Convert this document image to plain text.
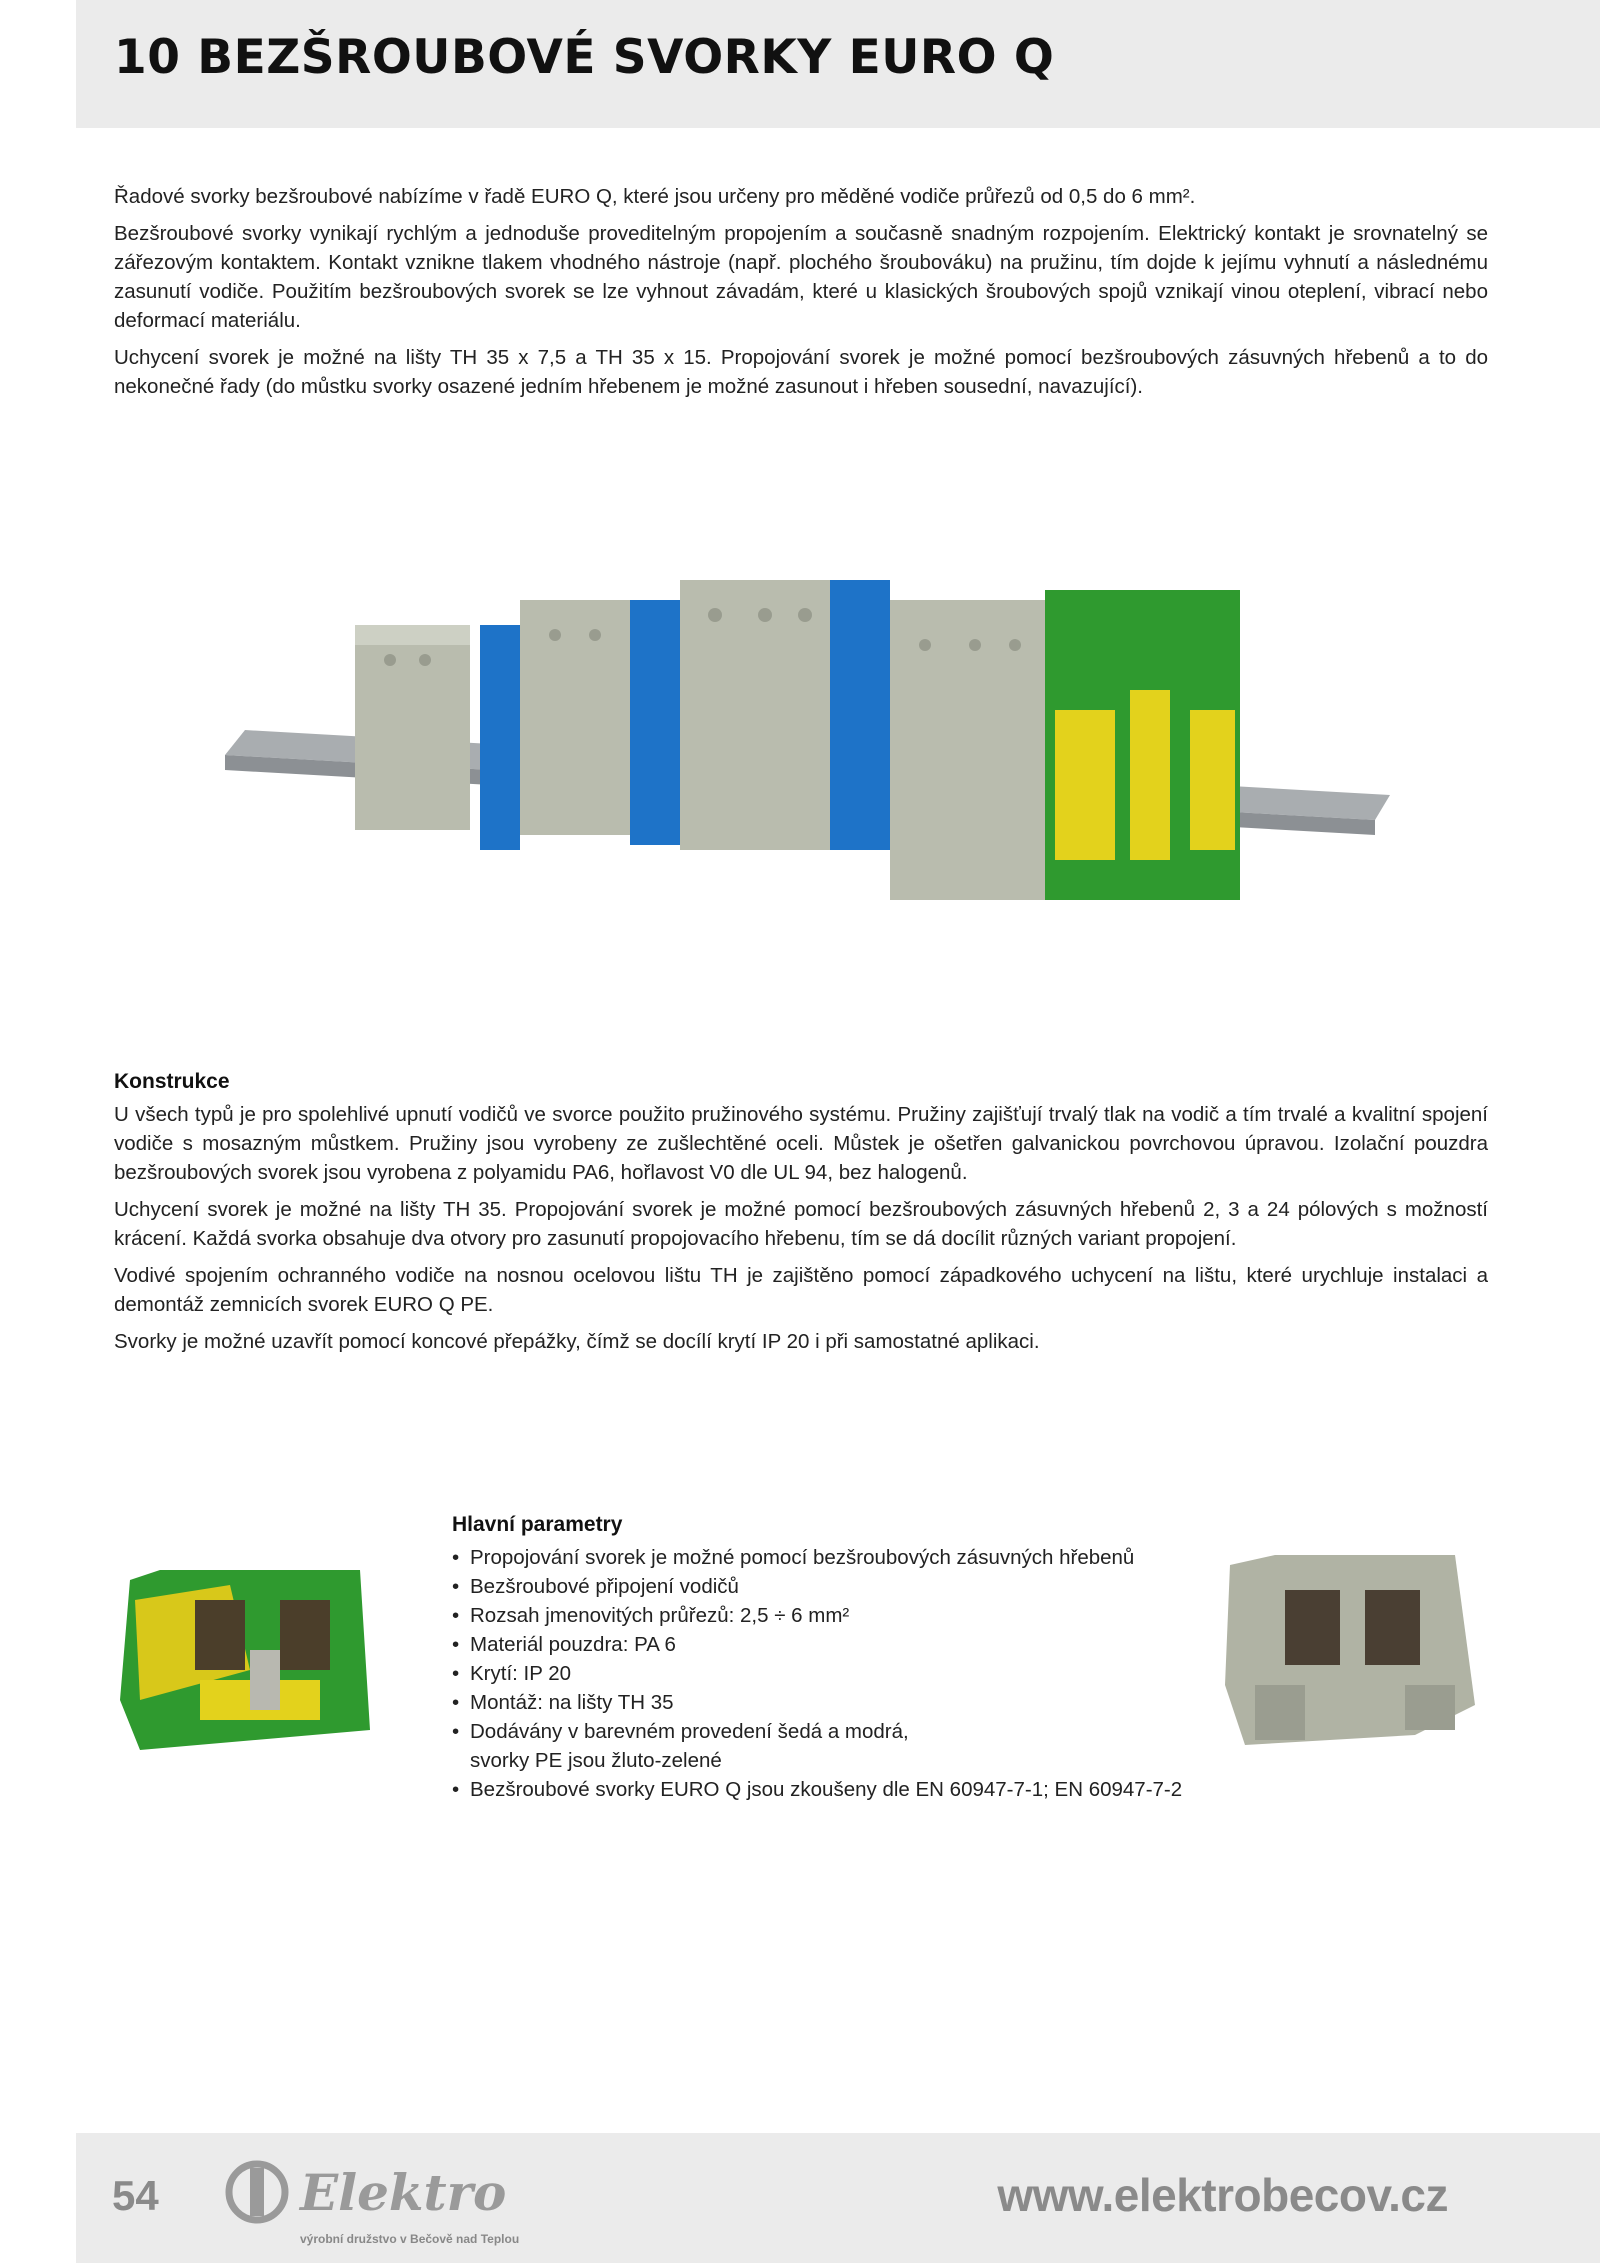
10 BEZŠROUBOVÉ SVORKY EURO Q

Řadové svorky bezšroubové nabízíme v řadě EURO Q, které jsou určeny pro měděné vodiče průřezů od 0,5 do 6 mm².

Bezšroubové svorky vynikají rychlým a jednoduše proveditelným propojením a současně snadným rozpojením. Elektrický kontakt je srovnatelný se zářezovým kontaktem. Kontakt vznikne tlakem vhodného nástroje (např. plochého šroubováku) na pružinu, tím dojde k jejímu vyhnutí a následnému zasunutí vodiče. Použitím bezšroubových svorek se lze vyhnout závadám, které u klasických šroubových spojů vznikají vinou oteplení, vibrací nebo deformací materiálu.

Uchycení svorek je možné na lišty TH 35 x 7,5 a TH 35 x 15. Propojování svorek je možné pomocí bezšroubových zásuvných hřebenů a to do nekonečné řady (do můstku svorky osazené jedním hřebenem je možné zasunout i hřeben sousední, navazující).

Konstrukce

U všech typů je pro spolehlivé upnutí vodičů ve svorce použito pružinového systému. Pružiny zajišťují trvalý tlak na vodič a tím trvalé a kvalitní spojení vodiče s mosazným můstkem. Pružiny jsou vyrobeny ze zušlechtěné oceli. Můstek je ošetřen galvanickou povrchovou úpravou. Izolační pouzdra bezšroubových svorek jsou vyrobena z polyamidu PA6, hořlavost V0 dle UL 94, bez halogenů.

Uchycení svorek je možné na lišty TH 35. Propojování svorek je možné pomocí bezšroubových zásuvných hřebenů 2, 3 a 24 pólových s možností krácení. Každá svorka obsahuje dva otvory pro zasunutí propojovacího hřebenu, tím se dá docílit různých variant propojení.

Vodivé spojením ochranného vodiče na nosnou ocelovou lištu TH je zajištěno pomocí západkového uchycení na lištu, které urychluje instalaci a demontáž zemnicích svorek EURO Q PE.

Svorky je možné uzavřít pomocí koncové přepážky, čímž se docílí krytí IP 20 i při samostatné aplikaci.

Hlavní parametry
• Propojování svorek je možné pomocí bezšroubových zásuvných hřebenů
• Bezšroubové připojení vodičů
• Rozsah jmenovitých průřezů: 2,5 ÷ 6 mm²
• Materiál pouzdra: PA 6
• Krytí: IP 20
• Montáž: na lišty TH 35
• Dodávány v barevném provedení šedá a modrá,
svorky PE jsou žluto-zelené
• Bezšroubové svorky EURO Q jsou zkoušeny dle EN 60947-7-1; EN 60947-7-2
54	Elektro
výrobní družstvo v Bečově nad Teplou
www.elektrobecov.cz
